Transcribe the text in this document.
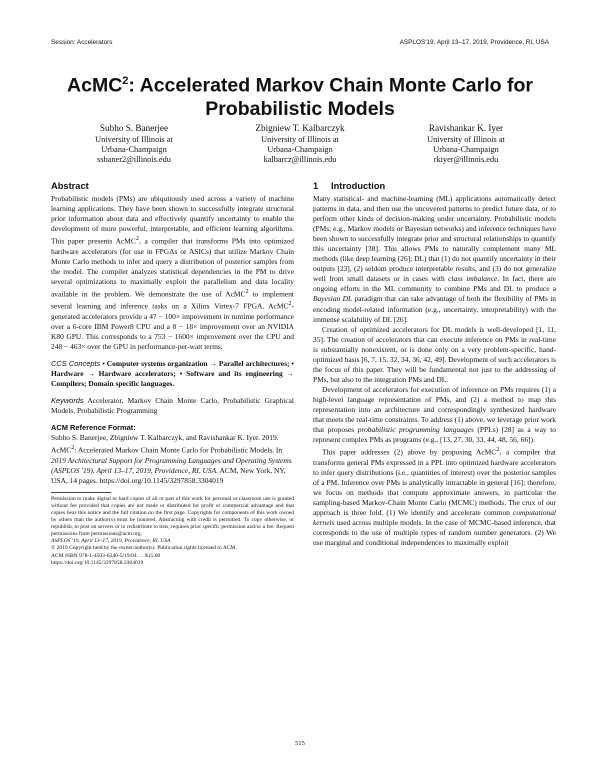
Session: Accelerators	ASPLOS'19, April 13–17, 2019, Providence, RI, USA
AcMC$^2$: Accelerated Markov Chain Monte Carlo for Probabilistic Models
Subho S. Banerjee
University of Illinois at
Urbana-Champaign
ssbaner2@illinois.edu
Zbigniew T. Kalbarczyk
University of Illinois at
Urbana-Champaign
kalbarcz@illinois.edu
Ravishankar K. Iyer
University of Illinois at
Urbana-Champaign
rkiyer@illinois.edu
Abstract

Probabilistic models (PMs) are ubiquitously used across a variety of machine learning applications. They have been shown to successfully integrate structural prior information about data and effectively quantify uncertainty to enable the development of more powerful, interpretable, and efficient learning algorithms. This paper presents AcMC$^2$, a compiler that transforms PMs into optimized hardware accelerators (for use in FPGAs or ASICs) that utilize Markov Chain Monte Carlo methods to infer and query a distribution of posterior samples from the model. The compiler analyzes statistical dependencies in the PM to drive several optimizations to maximally exploit the parallelism and data locality available in the problem. We demonstrate the use of AcMC$^2$ to implement several learning and inference tasks on a Xilinx Virtex-7 FPGA. AcMC$^2$-generated accelerators provide a 47 − 100× improvement in runtime performance over a 6-core IBM Power8 CPU and a 8 − 18× improvement over an NVIDIA K80 GPU. This corresponds to a 753 − 1600× improvement over the CPU and 248 − 463× over the GPU in performance-per-watt terms.

CCS Concepts • Computer systems organization → Parallel architectures; • Hardware → Hardware accelerators; • Software and its engineering → Compilers; Domain specific languages.

Keywords Accelerator, Markov Chain Monte Carlo, Probabilistic Graphical Models, Probabilistic Programming

ACM Reference Format:

Subho S. Banerjee, Zbigniew T. Kalbarczyk, and Ravishankar K. Iyer. 2019. AcMC$^2$: Accelerated Markov Chain Monte Carlo for Probabilistic Models. In 2019 Architectural Support for Programming Languages and Operating Systems (ASPLOS '19), April 13–17, 2019, Providence, RI, USA. ACM, New York, NY, USA, 14 pages. https://doi.org/10.1145/3297858.3304019

Permission to make digital or hard copies of all or part of this work for personal or classroom use is granted without fee provided that copies are not made or distributed for profit or commercial advantage and that copies bear this notice and the full citation on the first page. Copyrights for components of this work owned by others than the author(s) must be honored. Abstracting with credit is permitted. To copy otherwise, or republish, to post on servers or to redistribute to lists, requires prior specific permission and/or a fee. Request permissions from permissions@acm.org.

ASPLOS '19, April 13–17, 2019, Providence, RI, USA

© 2019 Copyright held by the owner/author(s). Publication rights licensed to ACM.

ACM ISBN 978-1-4503-6240-5/19/04. . . $15.00

https://doi.org/10.1145/3297858.3304019

1 Introduction

Many statistical- and machine-learning (ML) applications automatically detect patterns in data, and then use the uncovered patterns to predict future data, or to perform other kinds of decision-making under uncertainty. Probabilistic models (PMs; e.g., Markov models or Bayesian networks) and inference techniques have been shown to successfully integrate prior and structural relationships to quantify this uncertainty [38]. This allows PMs to naturally complement many ML methods (like deep learning [26]; DL) that (1) do not quantify uncertainty in their outputs [23], (2) seldom produce interpretable results, and (3) do not generalize well from small datasets or in cases with class imbalance. In fact, there are ongoing efforts in the ML community to combine PMs and DL to produce a Bayesian DL paradigm that can take advantage of both the flexibility of PMs in encoding model-related information (e.g., uncertainty, interpretability) with the immense scalability of DL [26].

Creation of optimized accelerators for DL models is well-developed [1, 11, 35]. The creation of accelerators that can execute inference on PMs in real-time is substantially nonexistent, or is done only on a very problem-specific, hand-optimized basis [6, 7, 15, 32, 34, 36, 42, 49]. Development of such accelerators is the focus of this paper. They will be fundamental not just to the addressing of PMs, but also to the integration PMs and DL.

Development of accelerators for execution of inference on PMs requires (1) a high-level language representation of PMs, and (2) a method to map this representation into an architecture and correspondingly synthesized hardware that meets the real-time constraints. To address (1) above, we leverage prior work that proposes probabilistic programming languages (PPLs) [28] as a way to represent complex PMs as programs (e.g., [13, 27, 30, 33, 44, 48, 56, 66]).

This paper addresses (2) above by proposing AcMC$^2$, a compiler that transforms general PMs expressed in a PPL into optimized hardware accelerators to infer query distributions (i.e., quantities of interest) over the posterior samples of a PM. Inference over PMs is analytically intractable in general [16]; therefore, we focus on methods that compute approximate answers, in particular the sampling-based Markov-Chain Monte Carlo (MCMC) methods. The crux of our approach is three fold. (1) We identify and accelerate common computational kernels used across multiple models. In the case of MCMC-based inference, that corresponds to the use of multiple types of random number generators. (2) We use marginal and conditional independences to maximally exploit

515
